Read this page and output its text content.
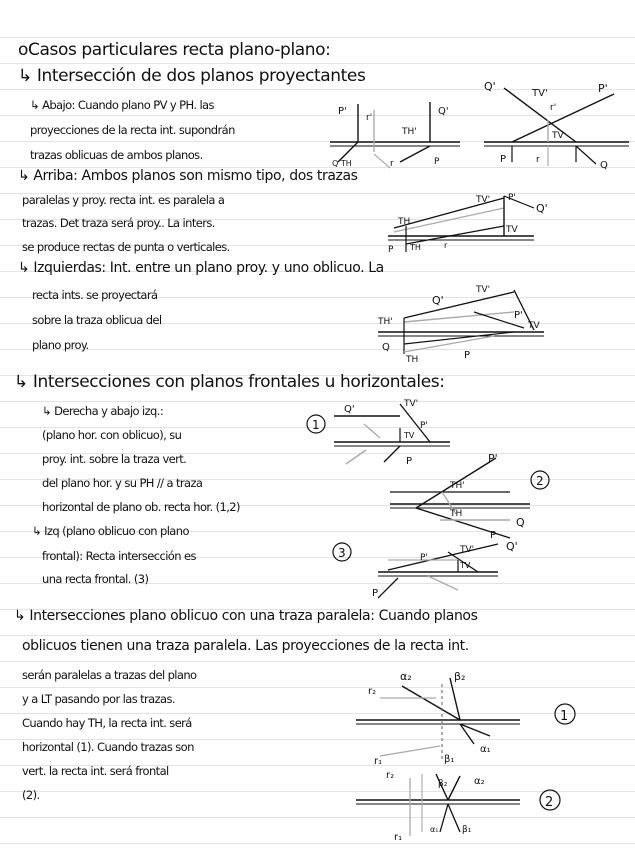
oCasos particulares recta plano-plano:
↳ Intersección de dos planos proyectantes
↳ Abajo: Cuando plano PV y PH. las
proyecciones de la recta int. supondrán
trazas oblicuas de ambos planos.
↳ Arriba: Ambos planos son mismo tipo, dos trazas
paralelas y proy. recta int. es paralela a
trazas. Det traza será proy.. La inters.
se produce rectas de punta o verticales.
↳ Izquierdas: Int. entre un plano proy. y uno oblicuo. La
recta ints. se proyectará
sobre la traza oblicua del
plano proy.
↳ Intersecciones con planos frontales u horizontales:
↳ Derecha y abajo izq.:
(plano hor. con oblicuo), su
proy. int. sobre la traza vert.
del plano hor. y su PH // a traza
horizontal de plano ob. recta hor. (1,2)
↳ Izq (plano oblicuo con plano
frontal): Recta intersección es
una recta frontal. (3)
↳ Intersecciones plano oblicuo con una traza paralela: Cuando planos
oblicuos tienen una traza paralela. Las proyecciones de la recta int.
serán paralelas a trazas del plano
y a LT pasando por las trazas.
Cuando hay TH, la recta int. será
horizontal (1). Cuando trazas son
vert. la recta int. será frontal
(2).
P'
r'
TH'
Q'
Q TH	r	P
Q'
TV'	P'
r'
TV
P	r	Q
TV' P'
Q'
TH
TV
P TH	r
TV'
Q'
TH'
P'
TV
Q
TH	P
1
Q'	TV'
P'
TV
P	P'
TH'
TH
Q
P
2
3	P'
TV'	Q'
TV
P
α₂	β₂
r₂
r₁	β₁
α₁
1
r₂
β₂	α₂
r₁
α₁	β₁
2
